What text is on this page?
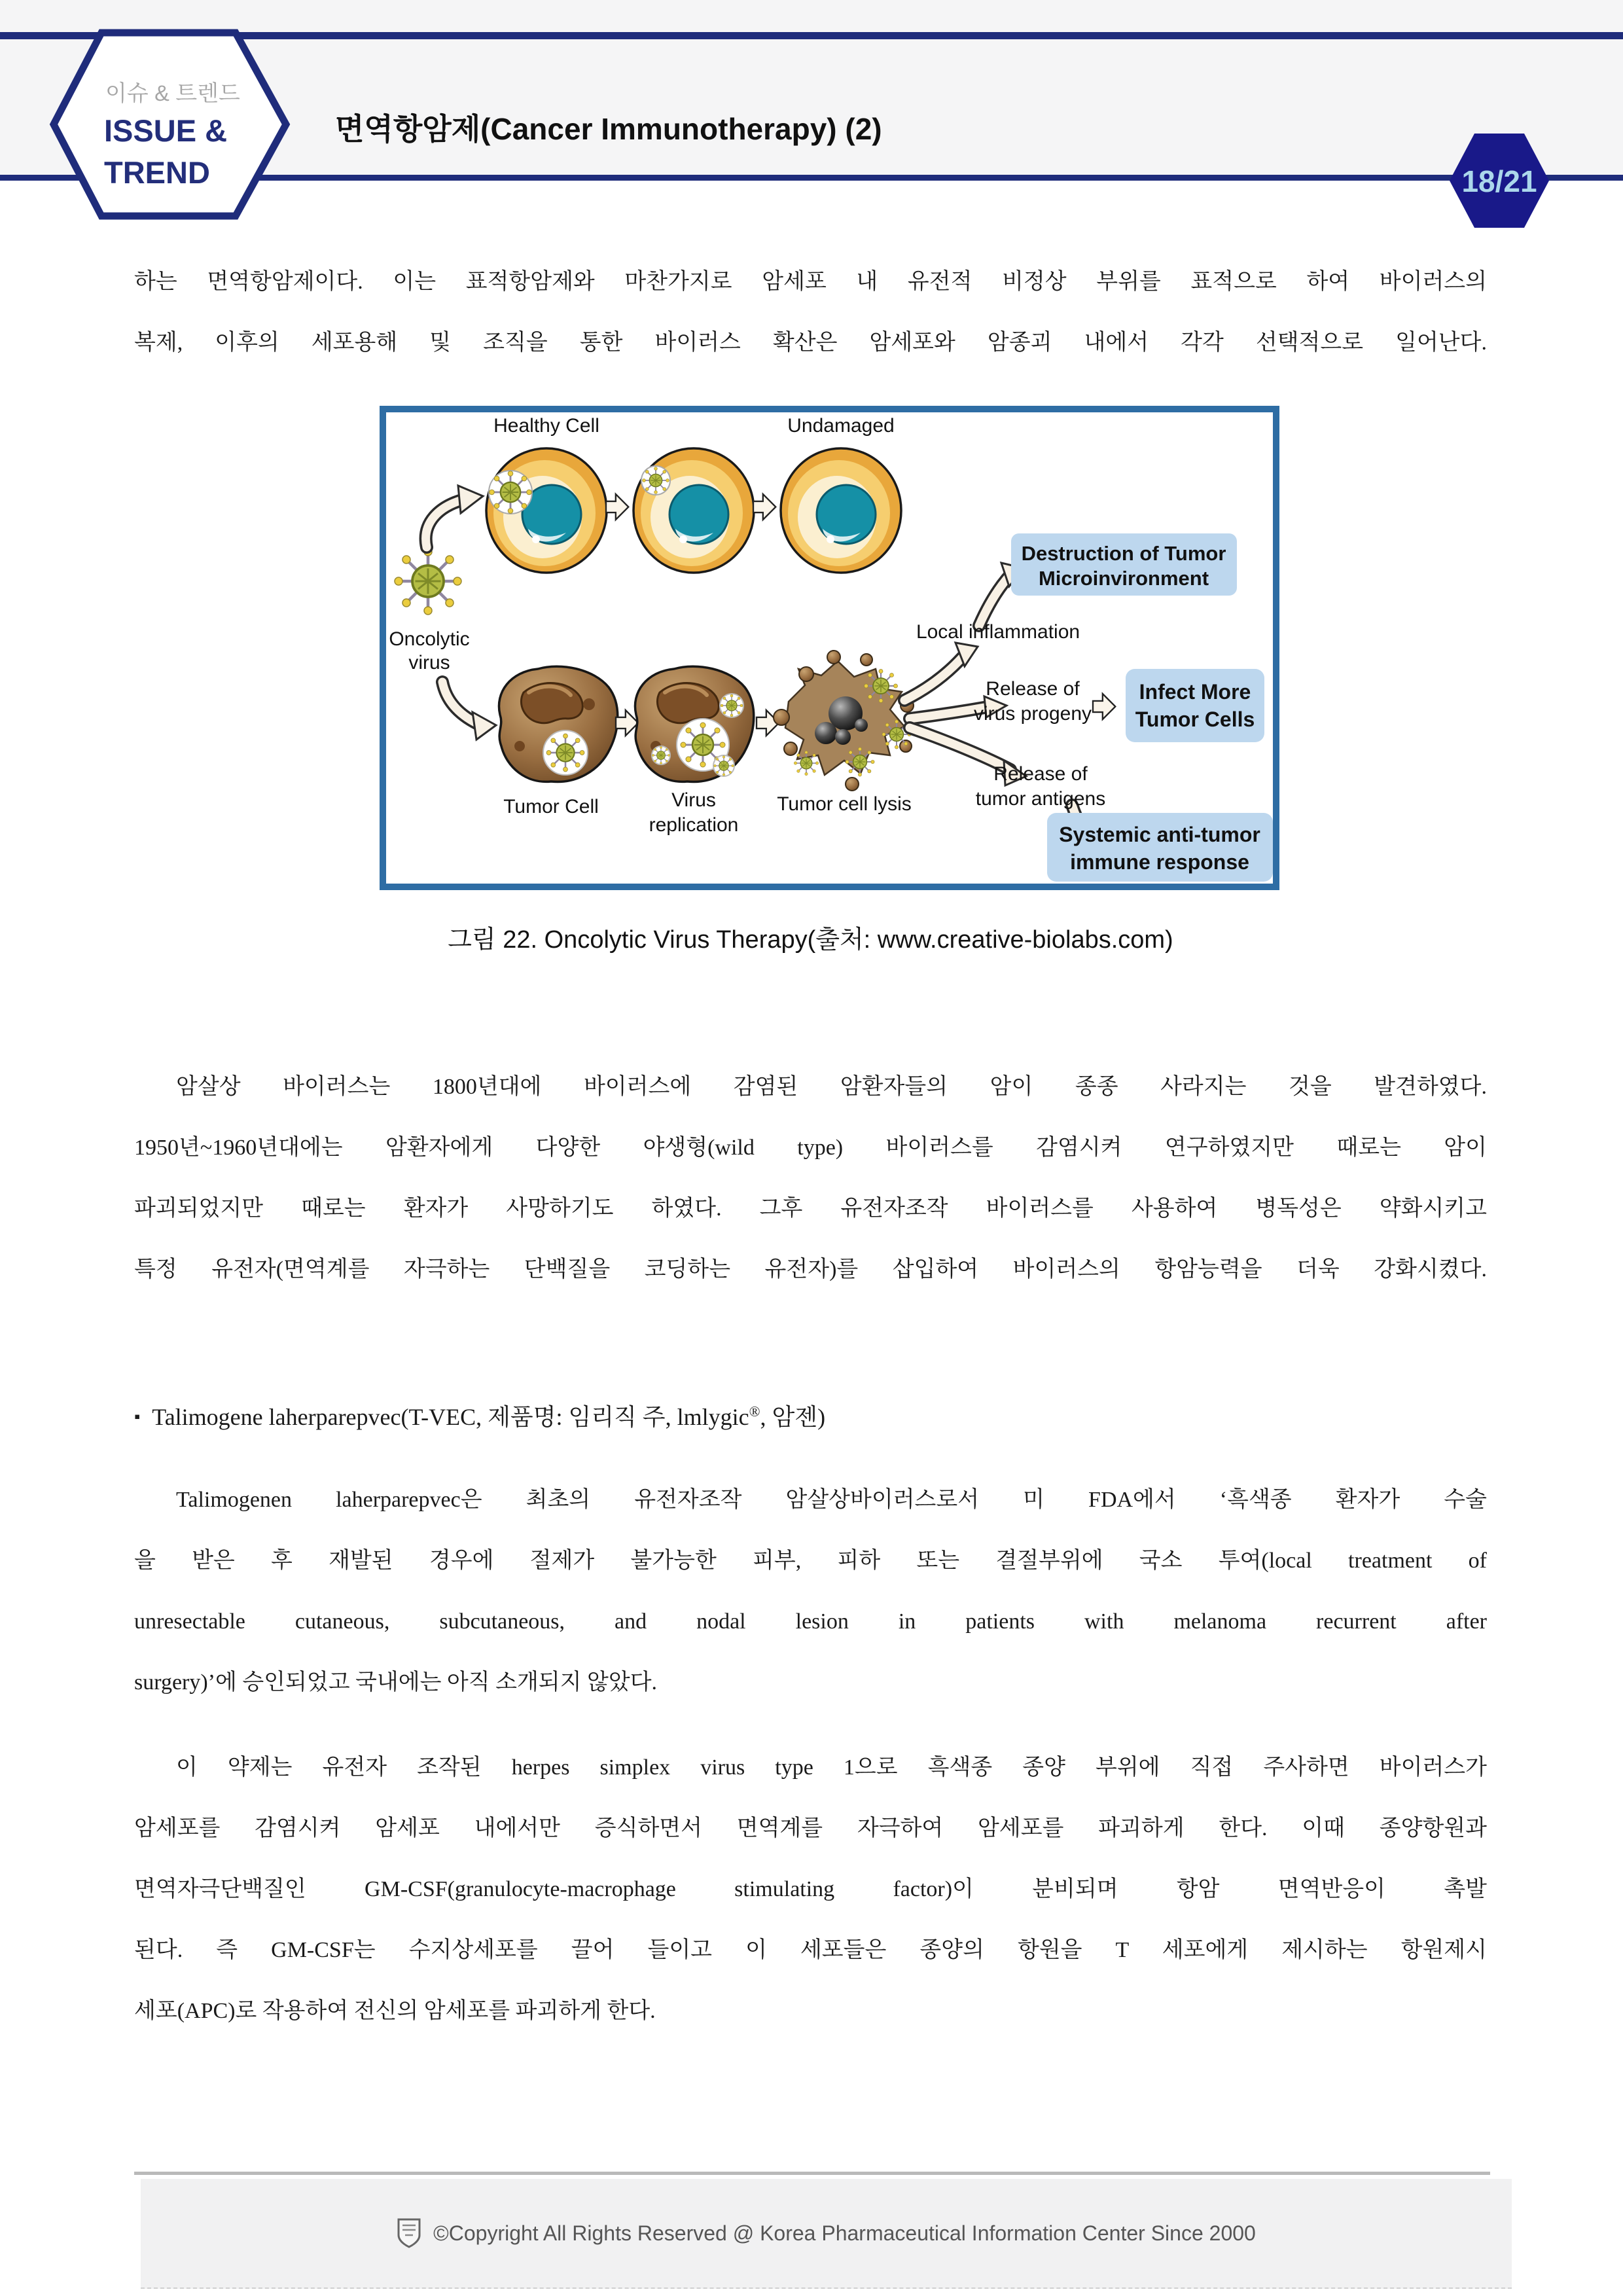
이슈 & 트렌드
ISSUE &
TREND
면역항암제(Cancer Immunotherapy) (2)
18/21
하는 면역항암제이다. 이는 표적항암제와 마찬가지로 암세포 내 유전적 비정상 부위를 표적으로 하여 바이러스의
복제, 이후의 세포용해 및 조직을 통한 바이러스 확산은 암세포와 암종괴 내에서 각각 선택적으로 일어난다.
Healthy Cell	Undamaged
Oncolytic
virus
Tumor Cell	Virus
replication
Tumor cell lysis
Local inflammation
Release of
virus progeny
Release of
tumor antigens
Destruction of Tumor
Microinvironment
Infect More
Tumor Cells
Systemic anti-tumor
immune response
그림 22. Oncolytic Virus Therapy(출처: www.creative-biolabs.com)
암살상 바이러스는 1800년대에 바이러스에 감염된 암환자들의 암이 종종 사라지는 것을 발견하였다.
1950년~1960년대에는 암환자에게 다양한 야생형(wild type) 바이러스를 감염시켜 연구하였지만 때로는 암이
파괴되었지만 때로는 환자가 사망하기도 하였다. 그후 유전자조작 바이러스를 사용하여 병독성은 약화시키고
특정 유전자(면역계를 자극하는 단백질을 코딩하는 유전자)를 삽입하여 바이러스의 항암능력을 더욱 강화시켰다.
▪ Talimogene laherparepvec(T-VEC, 제품명: 임리직 주, lmlygic®, 암젠)
Talimogenen laherparepvec은 최초의 유전자조작 암살상바이러스로서 미 FDA에서 ‘흑색종 환자가 수술
을 받은 후 재발된 경우에 절제가 불가능한 피부, 피하 또는 결절부위에 국소 투여(local treatment of
unresectable cutaneous, subcutaneous, and nodal lesion in patients with melanoma recurrent after
surgery)’에 승인되었고 국내에는 아직 소개되지 않았다.
이 약제는 유전자 조작된 herpes simplex virus type 1으로 흑색종 종양 부위에 직접 주사하면 바이러스가
암세포를 감염시켜 암세포 내에서만 증식하면서 면역계를 자극하여 암세포를 파괴하게 한다. 이때 종양항원과
면역자극단백질인 GM-CSF(granulocyte-macrophage stimulating factor)이 분비되며 항암 면역반응이 촉발
된다. 즉 GM-CSF는 수지상세포를 끌어 들이고 이 세포들은 종양의 항원을 T 세포에게 제시하는 항원제시
세포(APC)로 작용하여 전신의 암세포를 파괴하게 한다.
©Copyright All Rights Reserved @ Korea Pharmaceutical Information Center Since 2000
